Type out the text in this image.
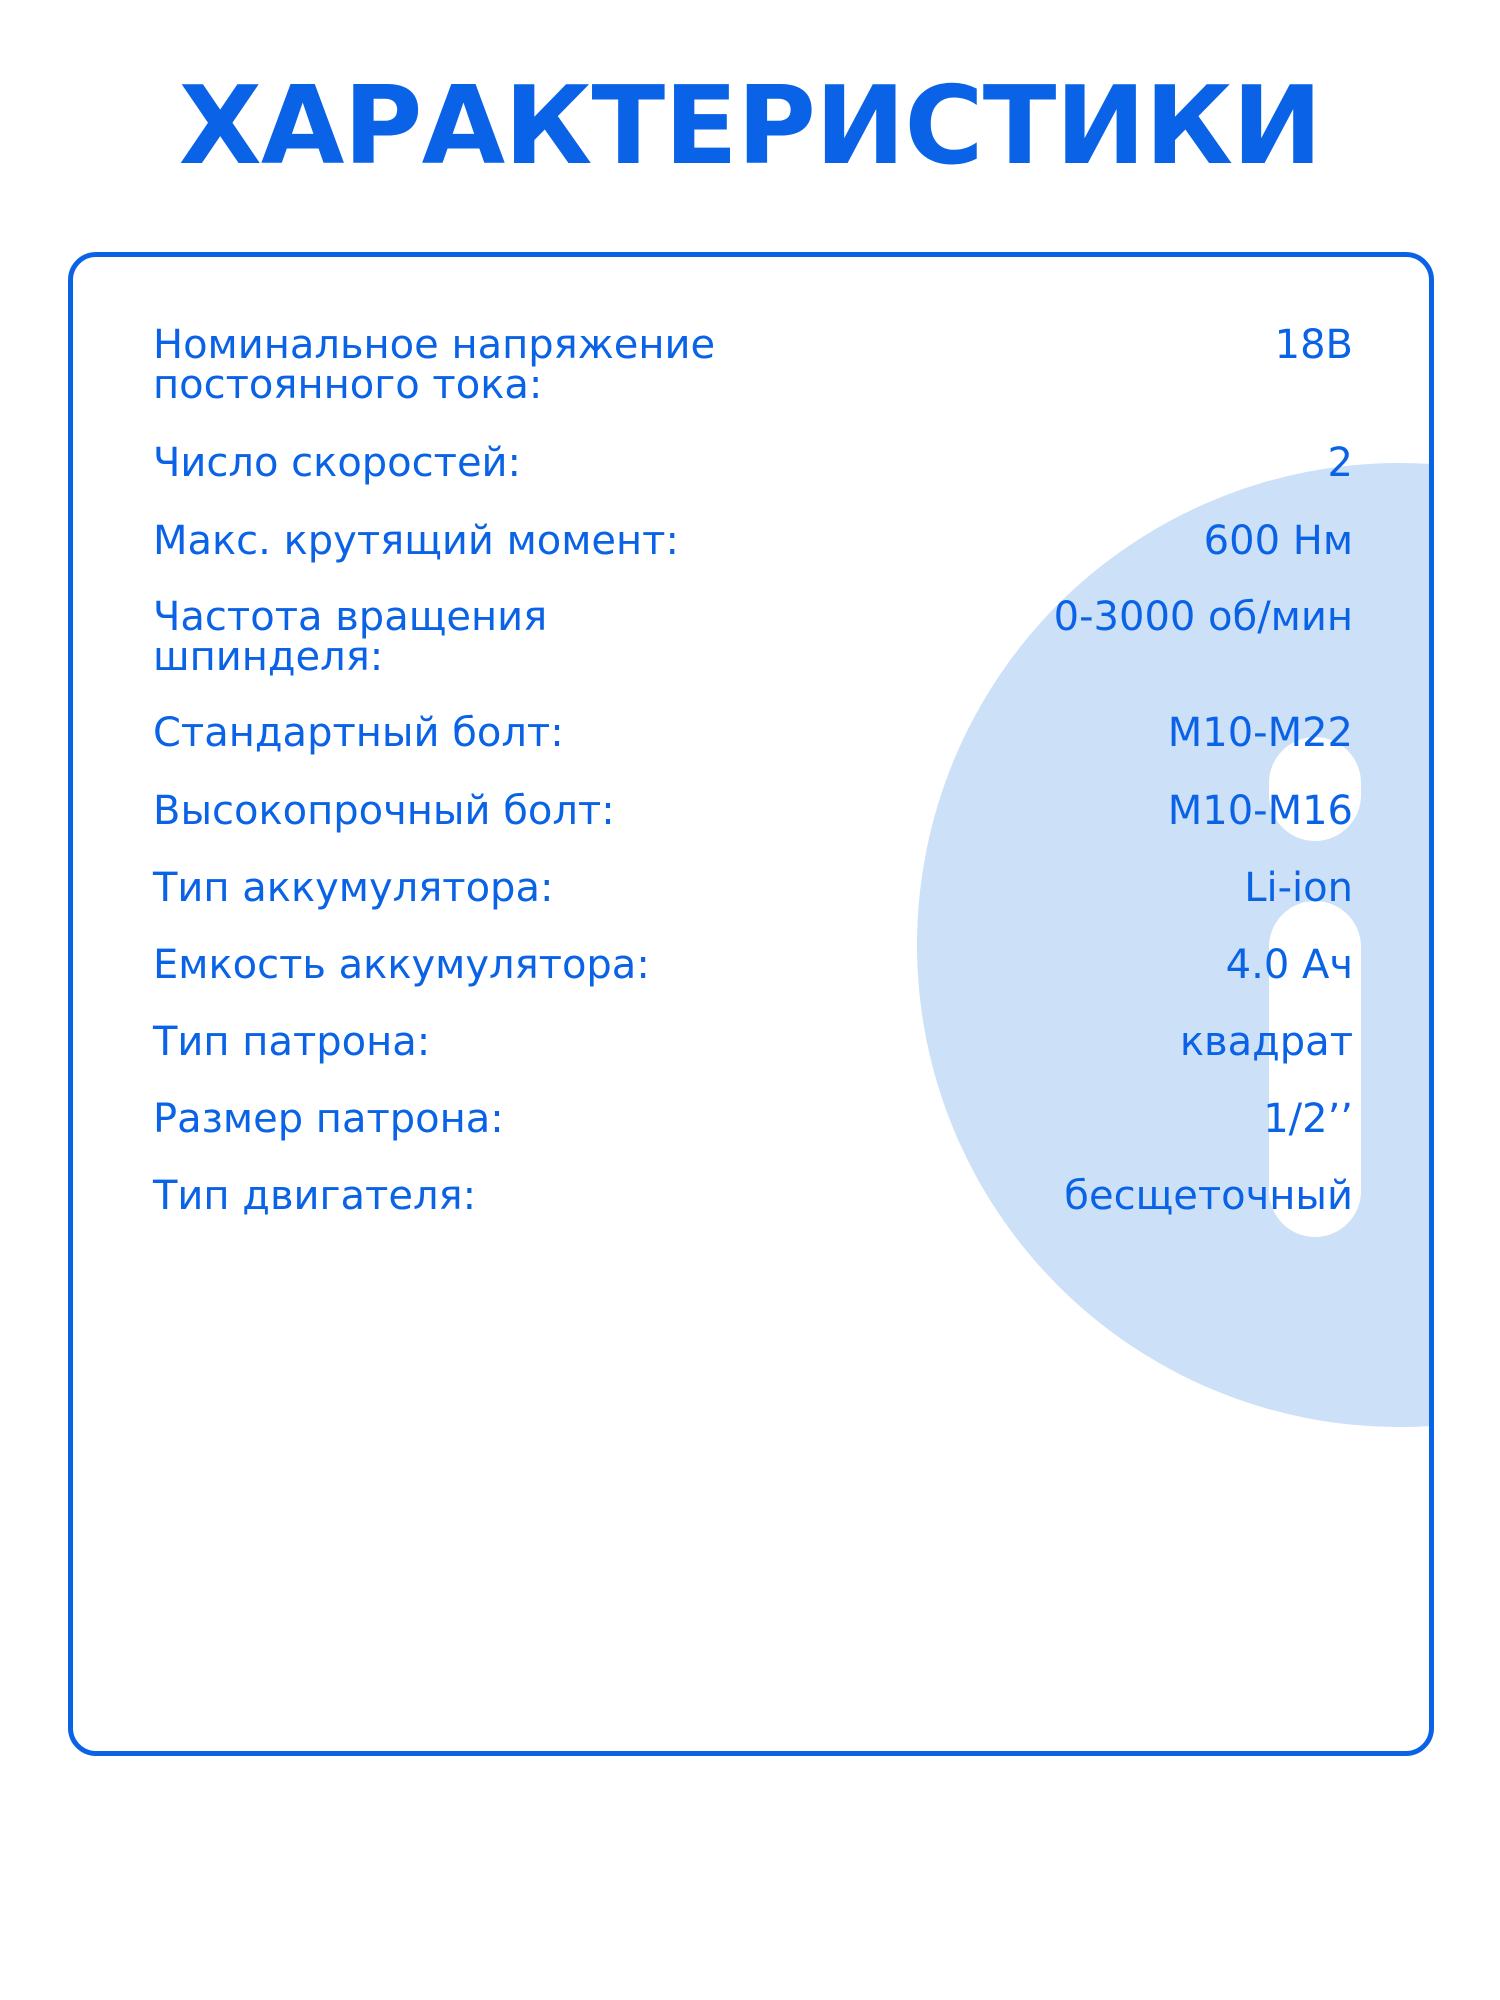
ХАРАКТЕРИСТИКИ
Номинальное напряжение постоянного тока:
18В
Число скоростей:	2
Макс. крутящий момент:	600 Нм
Частота вращения шпинделя:
0-3000 об/мин
Стандартный болт:	M10-M22
Высокопрочный болт:	M10-M16
Тип аккумулятора:	Li-ion
Емкость аккумулятора:	4.0 Ач
Тип патрона:	квадрат
Размер патрона:	1/2’’
Тип двигателя:	бесщеточный
